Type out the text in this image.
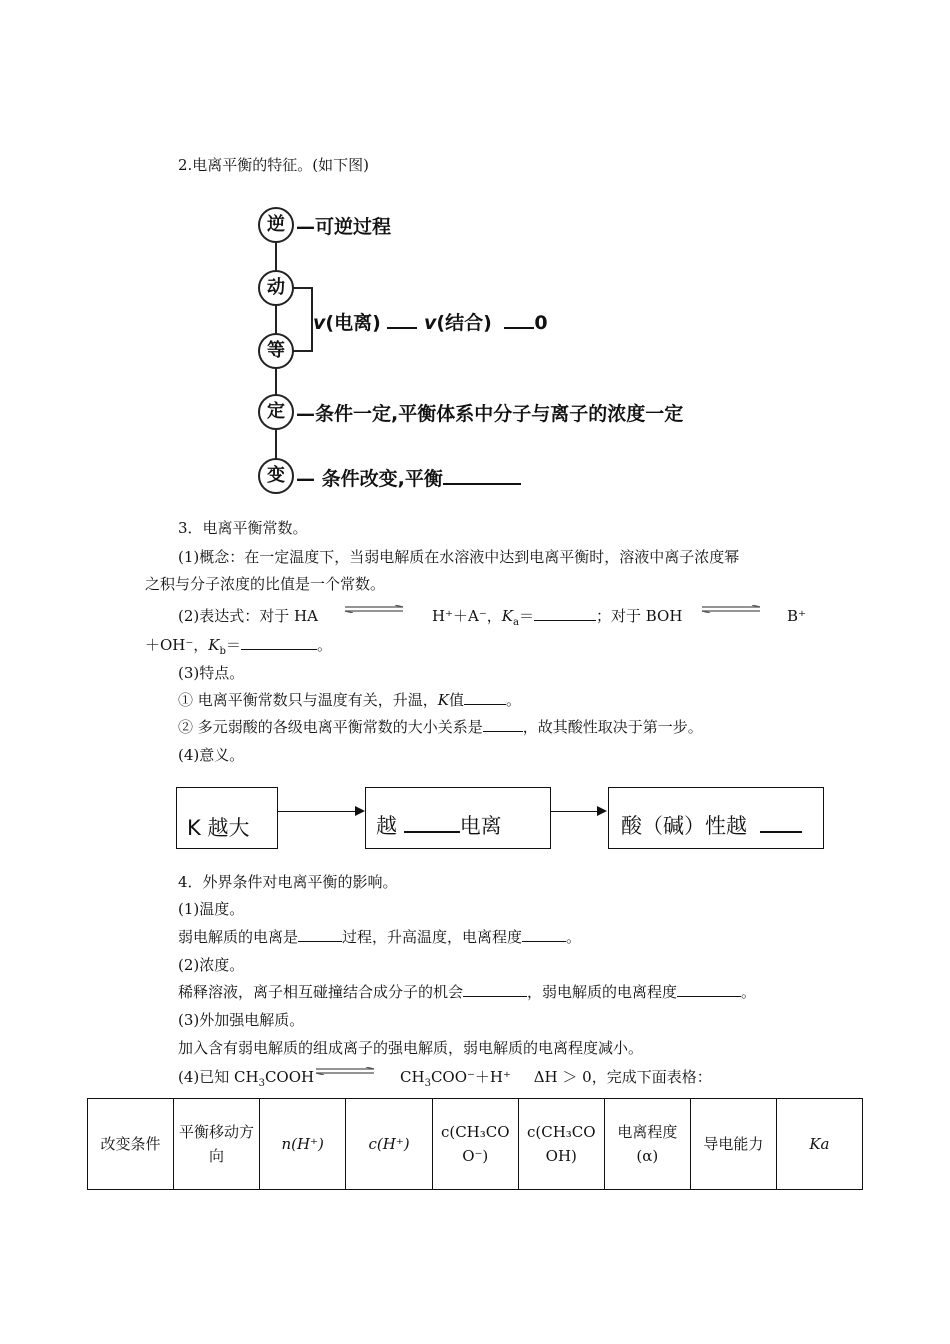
2.电离平衡的特征。(如下图)
逆 —可逆过程
动
等
v(电离) v(结合) 0
定 —条件一定,平衡体系中分子与离子的浓度一定
变 — 条件改变,平衡
3．电离平衡常数。
(1)概念：在一定温度下，当弱电解质在水溶液中达到电离平衡时，溶液中离子浓度幂
之积与分子浓度的比值是一个常数。
(2)表达式：对于 HA	H⁺＋A⁻，$K_a=$	；对于 BOH	B⁺
＋OH⁻，$K_b=$	。
(3)特点。
① 电离平衡常数只与温度有关，升温，K值	。
② 多元弱酸的各级电离平衡常数的大小关系是	，故其酸性取决于第一步。
(4)意义。
K 越大	越	电离	酸（碱）性越
4．外界条件对电离平衡的影响。
(1)温度。
弱电解质的电离是	过程，升高温度，电离程度	。
(2)浓度。
稀释溶液，离子相互碰撞结合成分子的机会	，弱电解质的电离程度	。
(3)外加强电解质。
加入含有弱电解质的组成离子的强电解质，弱电解质的电离程度减小。
(4)已知 $CH_3COOH$	$CH_3COO^-+H^+$ ΔH ＞ 0，完成下面表格：
改变条件	平衡移动方向	n(H⁺)	c(H⁺)	c(CH₃COO⁻)	c(CH₃COOH)	电离程度(α)	导电能力	Ka
